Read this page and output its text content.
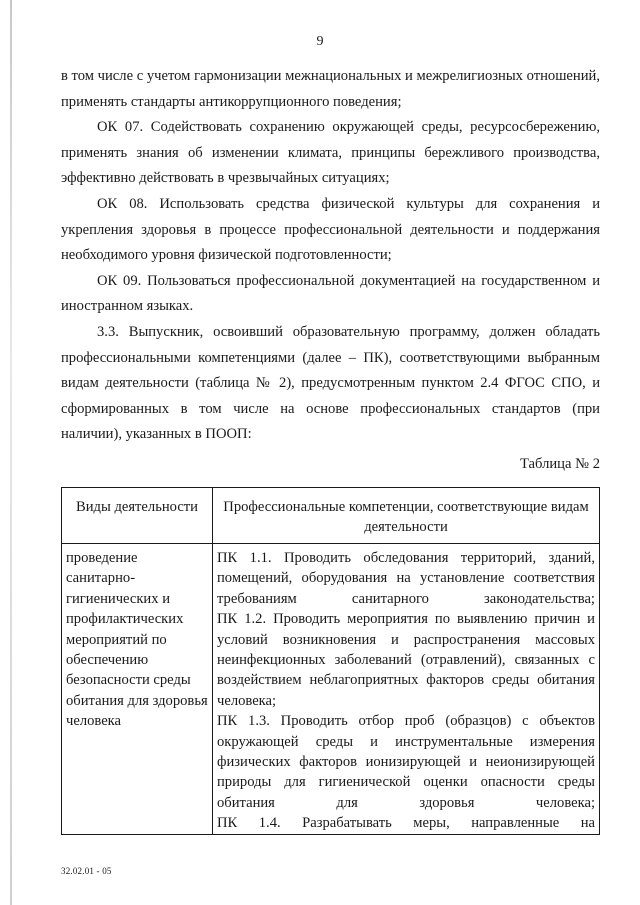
9

в том числе с учетом гармонизации межнациональных и межрелигиозных отношений, применять стандарты антикоррупционного поведения;

ОК 07. Содействовать сохранению окружающей среды, ресурсосбережению, применять знания об изменении климата, принципы бережливого производства, эффективно действовать в чрезвычайных ситуациях;

ОК 08. Использовать средства физической культуры для сохранения и укрепления здоровья в процессе профессиональной деятельности и поддержания необходимого уровня физической подготовленности;

ОК 09. Пользоваться профессиональной документацией на государственном и иностранном языках.

3.3. Выпускник, освоивший образовательную программу, должен обладать профессиональными компетенциями (далее – ПК), соответствующими выбранным видам деятельности (таблица № 2), предусмотренным пунктом 2.4 ФГОС СПО, и сформированных в том числе на основе профессиональных стандартов (при наличии), указанных в ПООП:

Таблица № 2
Виды деятельности	Профессиональные компетенции, соответствующие видам деятельности
проведение санитарно-гигиенических и профилактических мероприятий по обеспечению безопасности среды обитания для здоровья человека	ПК 1.1. Проводить обследования территорий, зданий, помещений, оборудования на установление соответствия требованиям санитарного законодательства;
ПК 1.2. Проводить мероприятия по выявлению причин и условий возникновения и распространения массовых неинфекционных заболеваний (отравлений), связанных с воздействием неблагоприятных факторов среды обитания человека;
ПК 1.3. Проводить отбор проб (образцов) с объектов окружающей среды и инструментальные измерения физических факторов ионизирующей и неионизирующей природы для гигиенической оценки опасности среды обитания для здоровья человека;
ПК 1.4. Разрабатывать меры, направленные на
32.02.01 - 05
